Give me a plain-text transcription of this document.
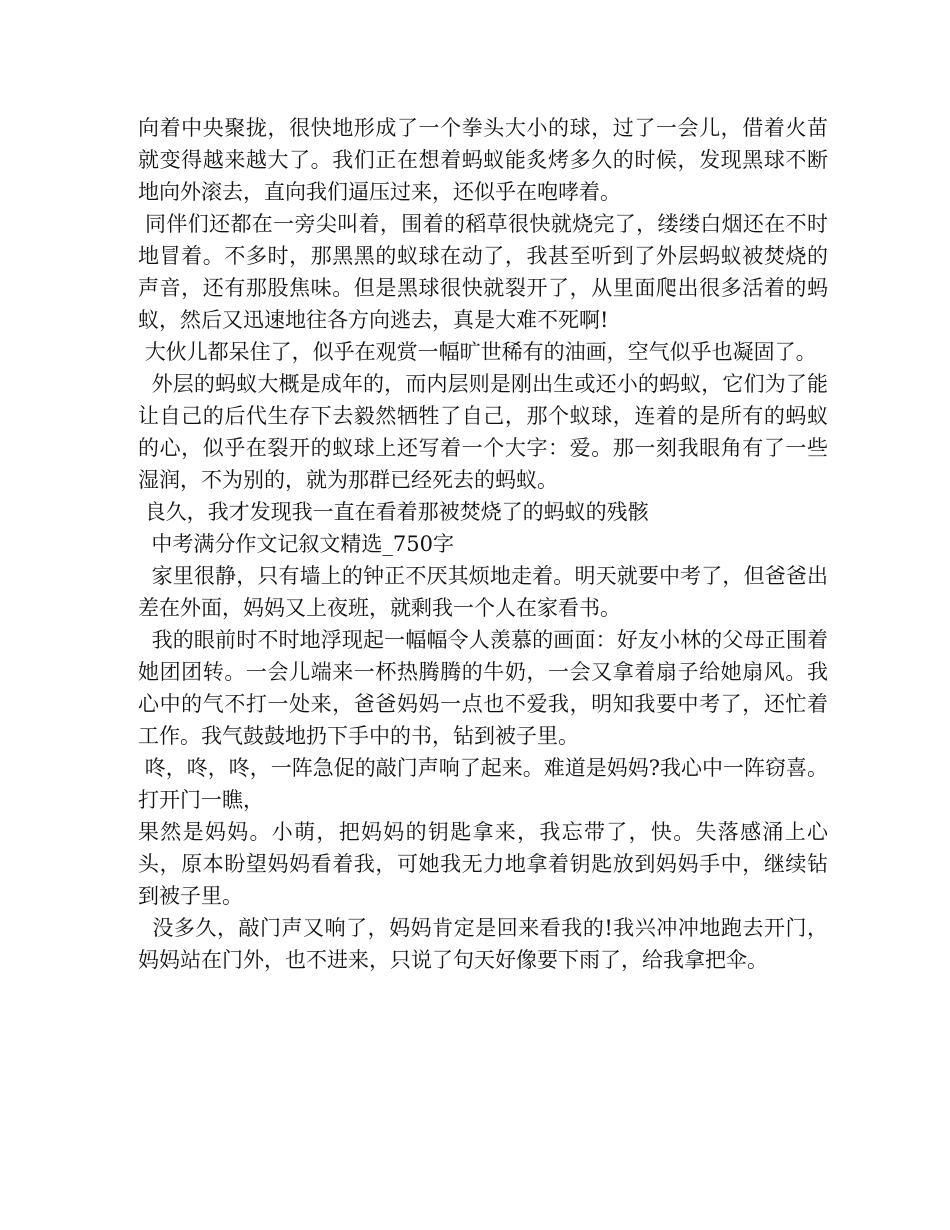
向着中央聚拢，很快地形成了一个拳头大小的球，过了一会儿，借着火苗就变得越来越大了。我们正在想着蚂蚁能炙烤多久的时候，发现黑球不断地向外滚去，直向我们逼压过来，还似乎在咆哮着。

同伴们还都在一旁尖叫着，围着的稻草很快就烧完了，缕缕白烟还在不时地冒着。不多时，那黑黑的蚁球在动了，我甚至听到了外层蚂蚁被焚烧的声音，还有那股焦味。但是黑球很快就裂开了，从里面爬出很多活着的蚂蚁，然后又迅速地往各方向逃去，真是大难不死啊!

大伙儿都呆住了，似乎在观赏一幅旷世稀有的油画，空气似乎也凝固了。

外层的蚂蚁大概是成年的，而内层则是刚出生或还小的蚂蚁，它们为了能让自己的后代生存下去毅然牺牲了自己，那个蚁球，连着的是所有的蚂蚁的心，似乎在裂开的蚁球上还写着一个大字：爱。那一刻我眼角有了一些湿润，不为别的，就为那群已经死去的蚂蚁。

良久，我才发现我一直在看着那被焚烧了的蚂蚁的残骸

中考满分作文记叙文精选_750字

家里很静，只有墙上的钟正不厌其烦地走着。明天就要中考了，但爸爸出差在外面，妈妈又上夜班，就剩我一个人在家看书。

我的眼前时不时地浮现起一幅幅令人羡慕的画面：好友小林的父母正围着她团团转。一会儿端来一杯热腾腾的牛奶，一会又拿着扇子给她扇风。我心中的气不打一处来，爸爸妈妈一点也不爱我，明知我要中考了，还忙着工作。我气鼓鼓地扔下手中的书，钻到被子里。

咚，咚，咚，一阵急促的敲门声响了起来。难道是妈妈?我心中一阵窃喜。打开门一瞧，

果然是妈妈。小萌，把妈妈的钥匙拿来，我忘带了，快。失落感涌上心头，原本盼望妈妈看着我，可她我无力地拿着钥匙放到妈妈手中，继续钻到被子里。

没多久，敲门声又响了，妈妈肯定是回来看我的!我兴冲冲地跑去开门，妈妈站在门外，也不进来，只说了句天好像要下雨了，给我拿把伞。
